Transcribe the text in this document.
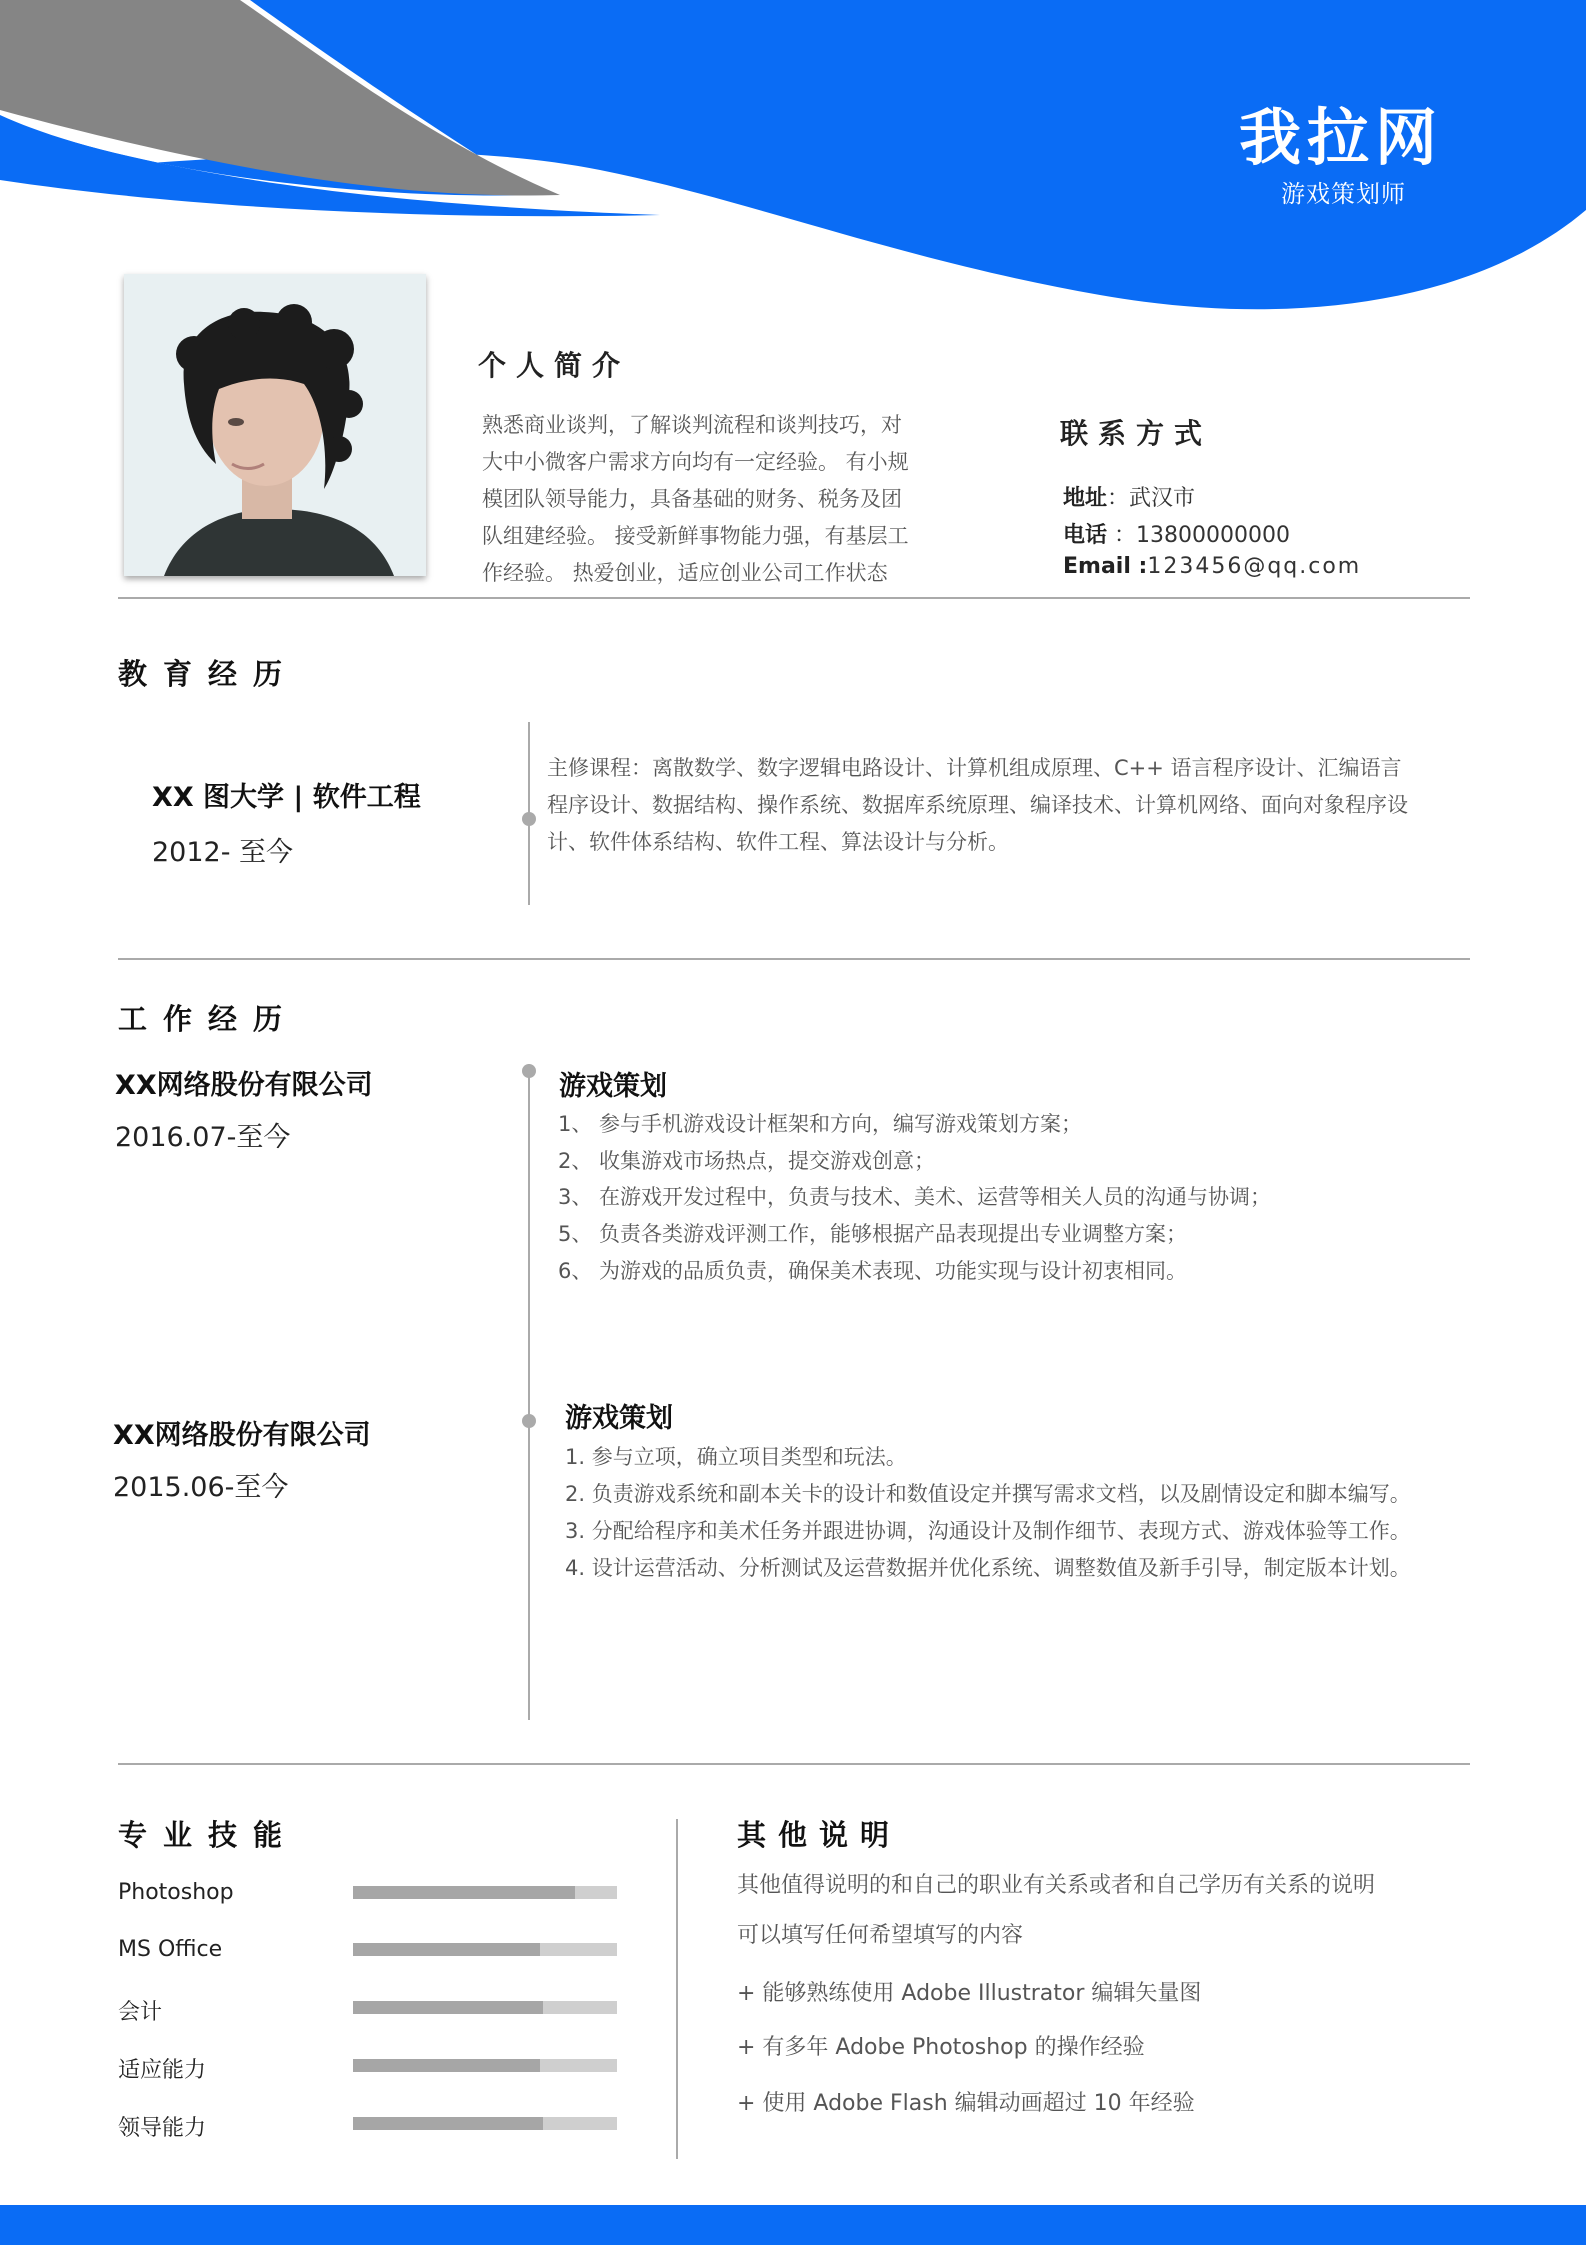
我拉网
游戏策划师
个人简介
熟悉商业谈判，了解谈判流程和谈判技巧，对
大中小微客户需求方向均有一定经验。 有小规
模团队领导能力，具备基础的财务、税务及团
队组建经验。 接受新鲜事物能力强，有基层工
作经验。 热爱创业，适应创业公司工作状态
联系方式
地址：武汉市
电话 ：13800000000
Email :123456@qq.com
教育经历
XX 图大学 | 软件工程
2012- 至今
主修课程：离散数学、数字逻辑电路设计、计算机组成原理、C++ 语言程序设计、汇编语言
程序设计、数据结构、操作系统、数据库系统原理、编译技术、计算机网络、面向对象程序设
计、软件体系结构、软件工程、算法设计与分析。
工作经历
XX网络股份有限公司
2016.07-至今
游戏策划
1、 参与手机游戏设计框架和方向，编写游戏策划方案；
2、 收集游戏市场热点，提交游戏创意；
3、 在游戏开发过程中，负责与技术、美术、运营等相关人员的沟通与协调；
5、 负责各类游戏评测工作，能够根据产品表现提出专业调整方案；
6、 为游戏的品质负责，确保美术表现、功能实现与设计初衷相同。
XX网络股份有限公司
2015.06-至今
游戏策划
1. 参与立项，确立项目类型和玩法。
2. 负责游戏系统和副本关卡的设计和数值设定并撰写需求文档，以及剧情设定和脚本编写。
3. 分配给程序和美术任务并跟进协调，沟通设计及制作细节、表现方式、游戏体验等工作。
4. 设计运营活动、分析测试及运营数据并优化系统、调整数值及新手引导，制定版本计划。
专业技能
Photoshop
MS Office
会计
适应能力
领导能力
其他说明
其他值得说明的和自己的职业有关系或者和自己学历有关系的说明
可以填写任何希望填写的内容
+ 能够熟练使用 Adobe Illustrator 编辑矢量图
+ 有多年 Adobe Photoshop 的操作经验
+ 使用 Adobe Flash 编辑动画超过 10 年经验
